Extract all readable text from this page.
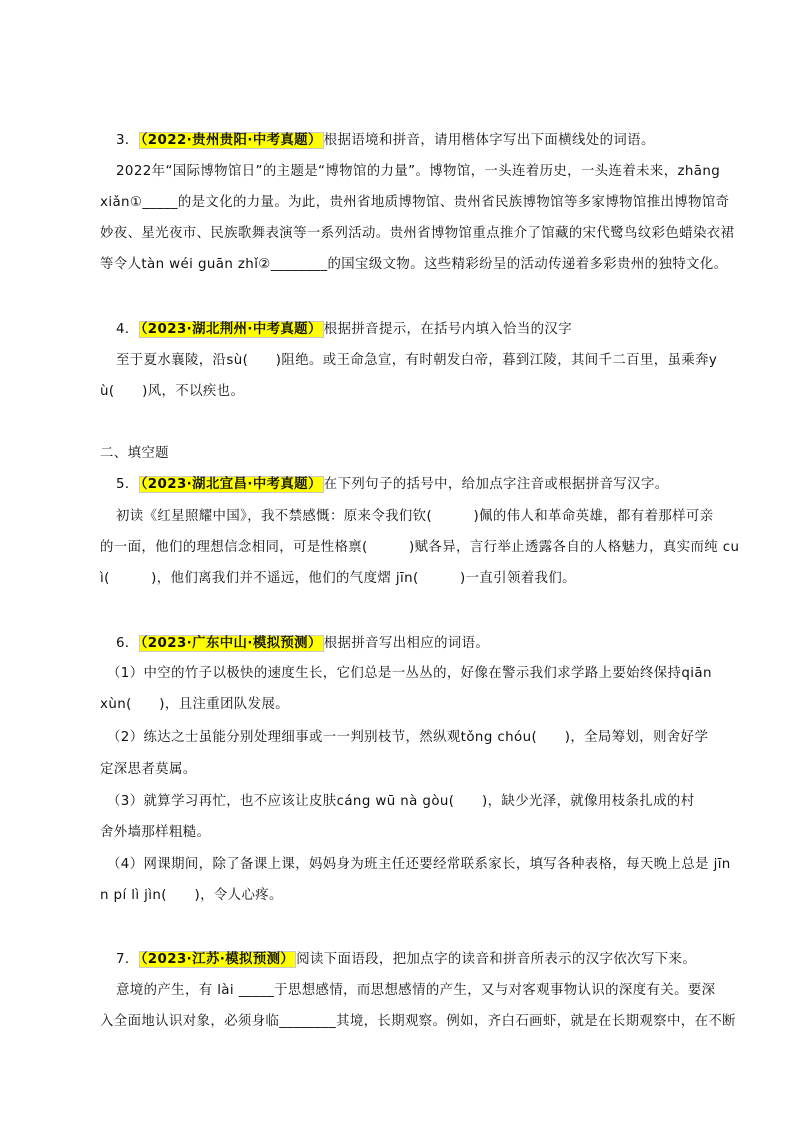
3． （2022·贵州贵阳·中考真题） 根据语境和拼音，请用楷体字写出下面横线处的词语。
2022年“国际博物馆日”的主题是“博物馆的力量”。博物馆，一头连着历史，一头连着未来，zhāng
xiǎn①_____的是文化的力量。为此，贵州省地质博物馆、贵州省民族博物馆等多家博物馆推出博物馆奇
妙夜、星光夜市、民族歌舞表演等一系列活动。贵州省博物馆重点推介了馆藏的宋代鹭鸟纹彩色蜡染衣裙
等令人tàn wéi guān zhǐ②________的国宝级文物。这些精彩纷呈的活动传递着多彩贵州的独特文化。
4． （2023·湖北荆州·中考真题） 根据拼音提示，在括号内填入恰当的汉字
至于夏水襄陵，沿sù(　　)阻绝。或王命急宣，有时朝发白帝，暮到江陵，其间千二百里，虽乘奔y
ù(　　)风，不以疾也。
二、填空题
5． （2023·湖北宜昌·中考真题） 在下列句子的括号中，给加点字注音或根据拼音写汉字。
初读《红星照耀中国》，我不禁感慨：原来令我们钦(　　　)佩的伟人和革命英雄，都有着那样可亲
的一面，他们的理想信念相同，可是性格禀(　　　)赋各异，言行举止透露各自的人格魅力，真实而纯 cu
ì(　　　)，他们离我们并不遥远，他们的气度熠 jīn(　　　)一直引领着我们。
6． （2023·广东中山·模拟预测） 根据拼音写出相应的词语。
（1）中空的竹子以极快的速度生长，它们总是一丛丛的，好像在警示我们求学路上要始终保持qiān
xùn(　　)，且注重团队发展。
（2）练达之士虽能分别处理细事或一一判别枝节，然纵观tǒng chóu(　　)，全局筹划，则舍好学
定深思者莫属。
（3）就算学习再忙，也不应该让皮肤cáng wū nà gòu(　　)，缺少光泽，就像用枝条扎成的村
舍外墙那样粗糙。
（4）网课期间，除了备课上课，妈妈身为班主任还要经常联系家长，填写各种表格，每天晚上总是 jīn
n pí lì jìn(　　)，令人心疼。
7． （2023·江苏·模拟预测） 阅读下面语段，把加点字的读音和拼音所表示的汉字依次写下来。
意境的产生，有 lài _____于思想感情，而思想感情的产生，又与对客观事物认识的深度有关。要深
入全面地认识对象，必须身临________其境，长期观察。例如，齐白石画虾，就是在长期观察中，在不断
